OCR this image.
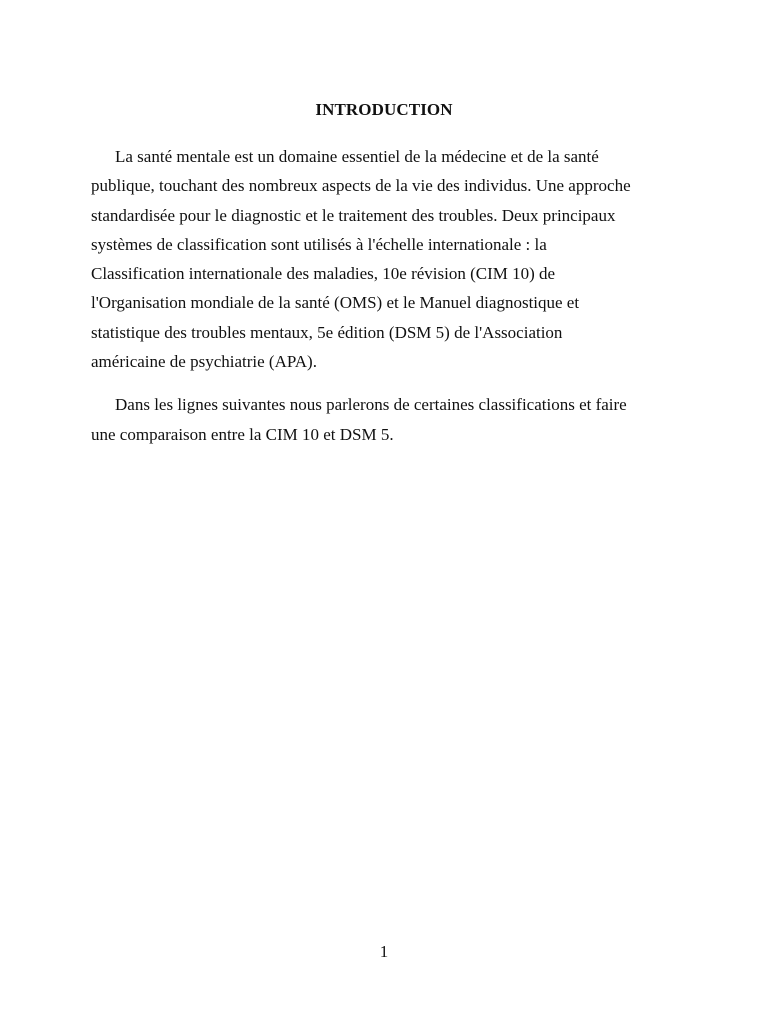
INTRODUCTION

La santé mentale est un domaine essentiel de la médecine et de la santé
publique, touchant des nombreux aspects de la vie des individus. Une approche
standardisée pour le diagnostic et le traitement des troubles. Deux principaux
systèmes de classification sont utilisés à l'échelle internationale : la
Classification internationale des maladies, 10e révision (CIM 10) de
l'Organisation mondiale de la santé (OMS) et le Manuel diagnostique et
statistique des troubles mentaux, 5e édition (DSM 5) de l'Association
américaine de psychiatrie (APA).

Dans les lignes suivantes nous parlerons de certaines classifications et faire
une comparaison entre la CIM 10 et DSM 5.

1
